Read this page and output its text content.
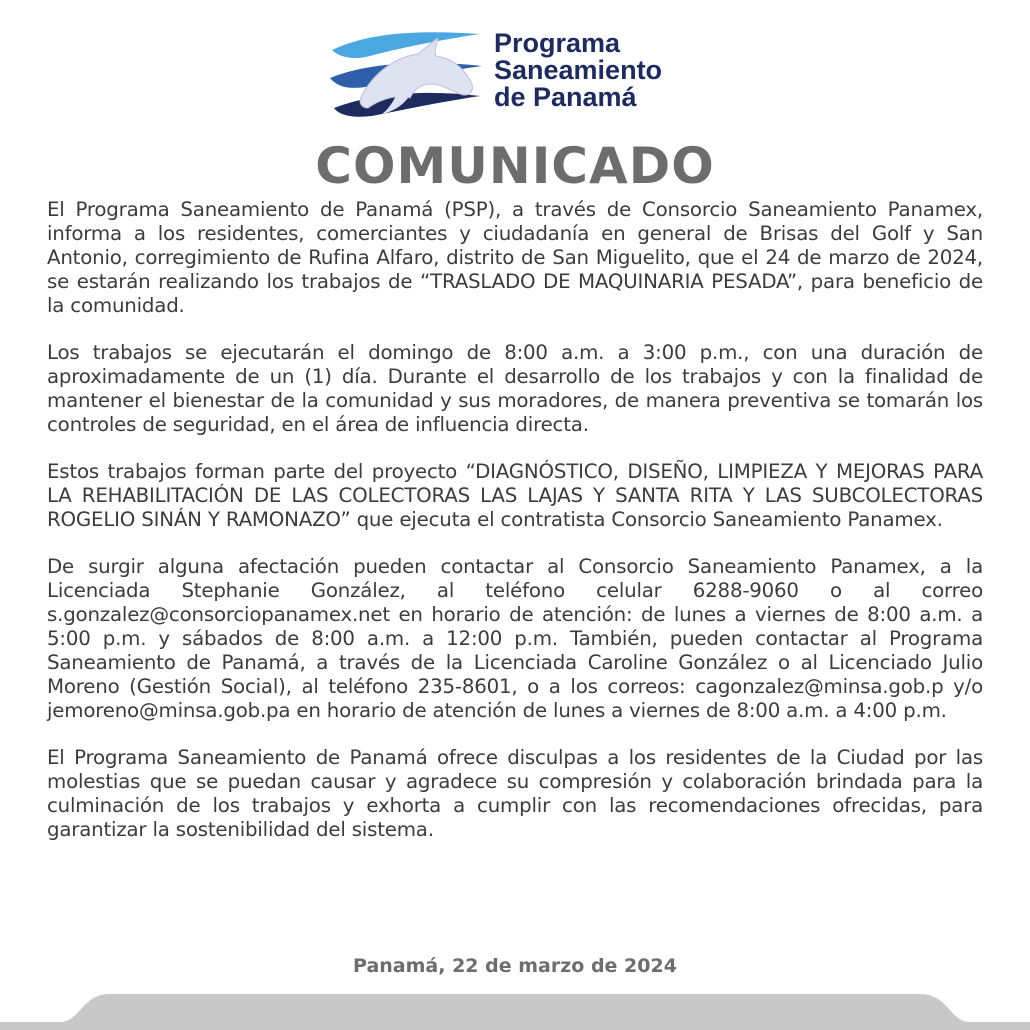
Programa
Saneamiento
de Panamá
COMUNICADO

El Programa Saneamiento de Panamá (PSP), a través de Consorcio Saneamiento Panamex, informa a los residentes, comerciantes y ciudadanía en general de Brisas del Golf y San Antonio, corregimiento de Rufina Alfaro, distrito de San Miguelito, que el 24 de marzo de 2024, se estarán realizando los trabajos de “TRASLADO DE MAQUINARIA PESADA”, para beneficio de la comunidad.

Los trabajos se ejecutarán el domingo de 8:00 a.m. a 3:00 p.m., con una duración de aproximadamente de un (1) día. Durante el desarrollo de los trabajos y con la finalidad de mantener el bienestar de la comunidad y sus moradores, de manera preventiva se tomarán los controles de seguridad, en el área de influencia directa.

Estos trabajos forman parte del proyecto “DIAGNÓSTICO, DISEÑO, LIMPIEZA Y MEJORAS PARA LA REHABILITACIÓN DE LAS COLECTORAS LAS LAJAS Y SANTA RITA Y LAS SUBCOLECTORAS ROGELIO SINÁN Y RAMONAZO” que ejecuta el contratista Consorcio Saneamiento Panamex.

De surgir alguna afectación pueden contactar al Consorcio Saneamiento Panamex, a la Licenciada Stephanie González, al teléfono celular 6288-9060 o al correo s.gonzalez@consorciopanamex.net en horario de atención: de lunes a viernes de 8:00 a.m. a 5:00 p.m. y sábados de 8:00 a.m. a 12:00 p.m. También, pueden contactar al Programa Saneamiento de Panamá, a través de la Licenciada Caroline González o al Licenciado Julio Moreno (Gestión Social), al teléfono 235-8601, o a los correos: cagonzalez@minsa.gob.p y/o jemoreno@minsa.gob.pa en horario de atención de lunes a viernes de 8:00 a.m. a 4:00 p.m.

El Programa Saneamiento de Panamá ofrece disculpas a los residentes de la Ciudad por las molestias que se puedan causar y agradece su compresión y colaboración brindada para la culminación de los trabajos y exhorta a cumplir con las recomendaciones ofrecidas, para garantizar la sostenibilidad del sistema.

Panamá, 22 de marzo de 2024
